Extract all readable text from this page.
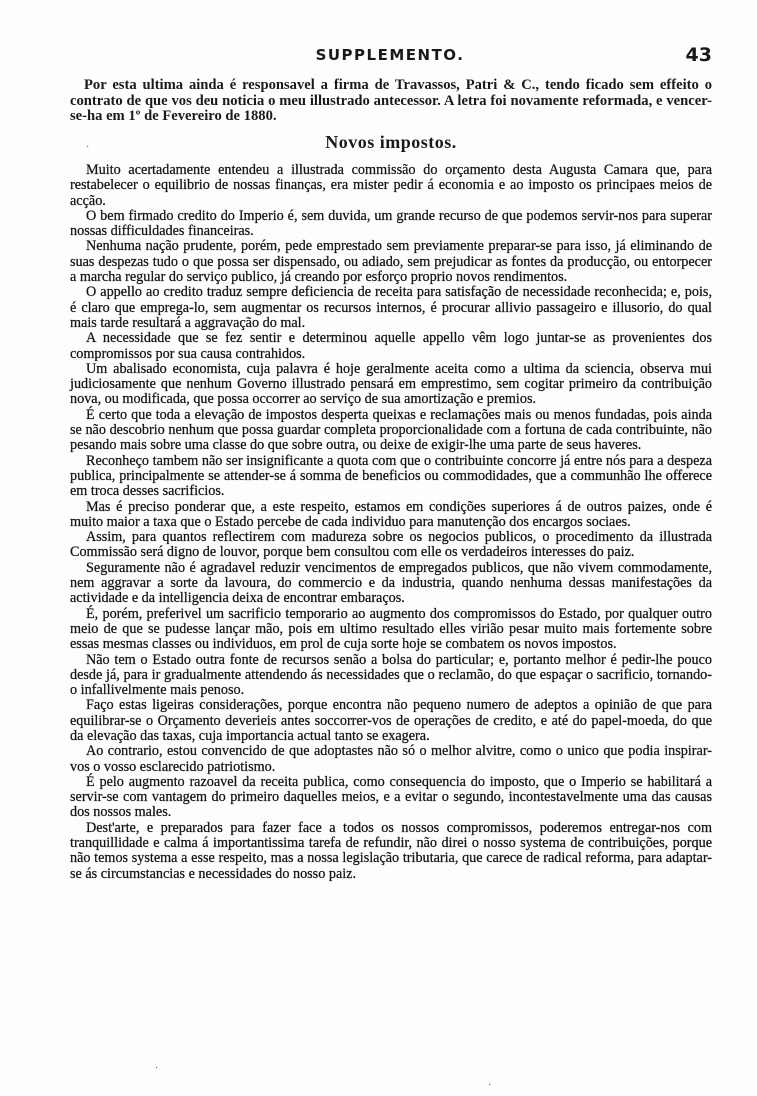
SUPPLEMENTO.	43
Por esta ultima ainda é responsavel a firma de Travassos, Patri & C., tendo ficado sem effeito o contrato de que vos deu noticia o meu illustrado antecessor. A letra foi novamente reformada, e vencer-se-ha em 1º de Fevereiro de 1880.
Novos impostos.

Muito acertadamente entendeu a illustrada commissão do orçamento desta Augusta Camara que, para restabelecer o equilibrio de nossas finanças, era mister pedir á economia e ao imposto os principaes meios de acção.

O bem firmado credito do Imperio é, sem duvida, um grande recurso de que podemos servir-nos para superar nossas difficuldades financeiras.

Nenhuma nação prudente, porém, pede emprestado sem previamente preparar-se para isso, já eliminando de suas despezas tudo o que possa ser dispensado, ou adiado, sem prejudicar as fontes da producção, ou entorpecer a marcha regular do serviço publico, já creando por esforço proprio novos rendimentos.

O appello ao credito traduz sempre deficiencia de receita para satisfação de necessidade reconhecida; e, pois, é claro que emprega-lo, sem augmentar os recursos internos, é procurar allivio passageiro e illusorio, do qual mais tarde resultará a aggravação do mal.

A necessidade que se fez sentir e determinou aquelle appello vêm logo juntar-se as provenientes dos compromissos por sua causa contrahidos.

Um abalisado economista, cuja palavra é hoje geralmente aceita como a ultima da sciencia, observa mui judiciosamente que nenhum Governo illustrado pensará em emprestimo, sem cogitar primeiro da contribuição nova, ou modificada, que possa occorrer ao serviço de sua amortização e premios.

É certo que toda a elevação de impostos desperta queixas e reclamações mais ou menos fundadas, pois ainda se não descobrio nenhum que possa guardar completa proporcionalidade com a fortuna de cada contribuinte, não pesando mais sobre uma classe do que sobre outra, ou deixe de exigir-lhe uma parte de seus haveres.

Reconheço tambem não ser insignificante a quota com que o contribuinte concorre já entre nós para a despeza publica, principalmente se attender-se á somma de beneficios ou commodidades, que a communhão lhe offerece em troca desses sacrificios.

Mas é preciso ponderar que, a este respeito, estamos em condições superiores á de outros paizes, onde é muito maior a taxa que o Estado percebe de cada individuo para manutenção dos encargos sociaes.

Assim, para quantos reflectirem com madureza sobre os negocios publicos, o procedimento da illustrada Commissão será digno de louvor, porque bem consultou com elle os verdadeiros interesses do paiz.

Seguramente não é agradavel reduzir vencimentos de empregados publicos, que não vivem commodamente, nem aggravar a sorte da lavoura, do commercio e da industria, quando nenhuma dessas manifestações da actividade e da intelligencia deixa de encontrar embaraços.

É, porém, preferivel um sacrificio temporario ao augmento dos compromissos do Estado, por qualquer outro meio de que se pudesse lançar mão, pois em ultimo resultado elles virião pesar muito mais fortemente sobre essas mesmas classes ou individuos, em prol de cuja sorte hoje se combatem os novos impostos.

Não tem o Estado outra fonte de recursos senão a bolsa do particular; e, portanto melhor é pedir-lhe pouco desde já, para ir gradualmente attendendo ás necessidades que o reclamão, do que espaçar o sacrificio, tornando-o infallivelmente mais penoso.

Faço estas ligeiras considerações, porque encontra não pequeno numero de adeptos a opinião de que para equilibrar-se o Orçamento deverieis antes soccorrer-vos de operações de credito, e até do papel-moeda, do que da elevação das taxas, cuja importancia actual tanto se exagera.

Ao contrario, estou convencido de que adoptastes não só o melhor alvitre, como o unico que podia inspirar-vos o vosso esclarecido patriotismo.

É pelo augmento razoavel da receita publica, como consequencia do imposto, que o Imperio se habilitará a servir-se com vantagem do primeiro daquelles meios, e a evitar o segundo, incontestavelmente uma das causas dos nossos males.

Dest'arte, e preparados para fazer face a todos os nossos compromissos, poderemos entregar-nos com tranquillidade e calma á importantissima tarefa de refundir, não direi o nosso systema de contribuições, porque não temos systema a esse respeito, mas a nossa legislação tributaria, que carece de radical reforma, para adaptar-se ás circumstancias e necessidades do nosso paiz.

·
·
·
